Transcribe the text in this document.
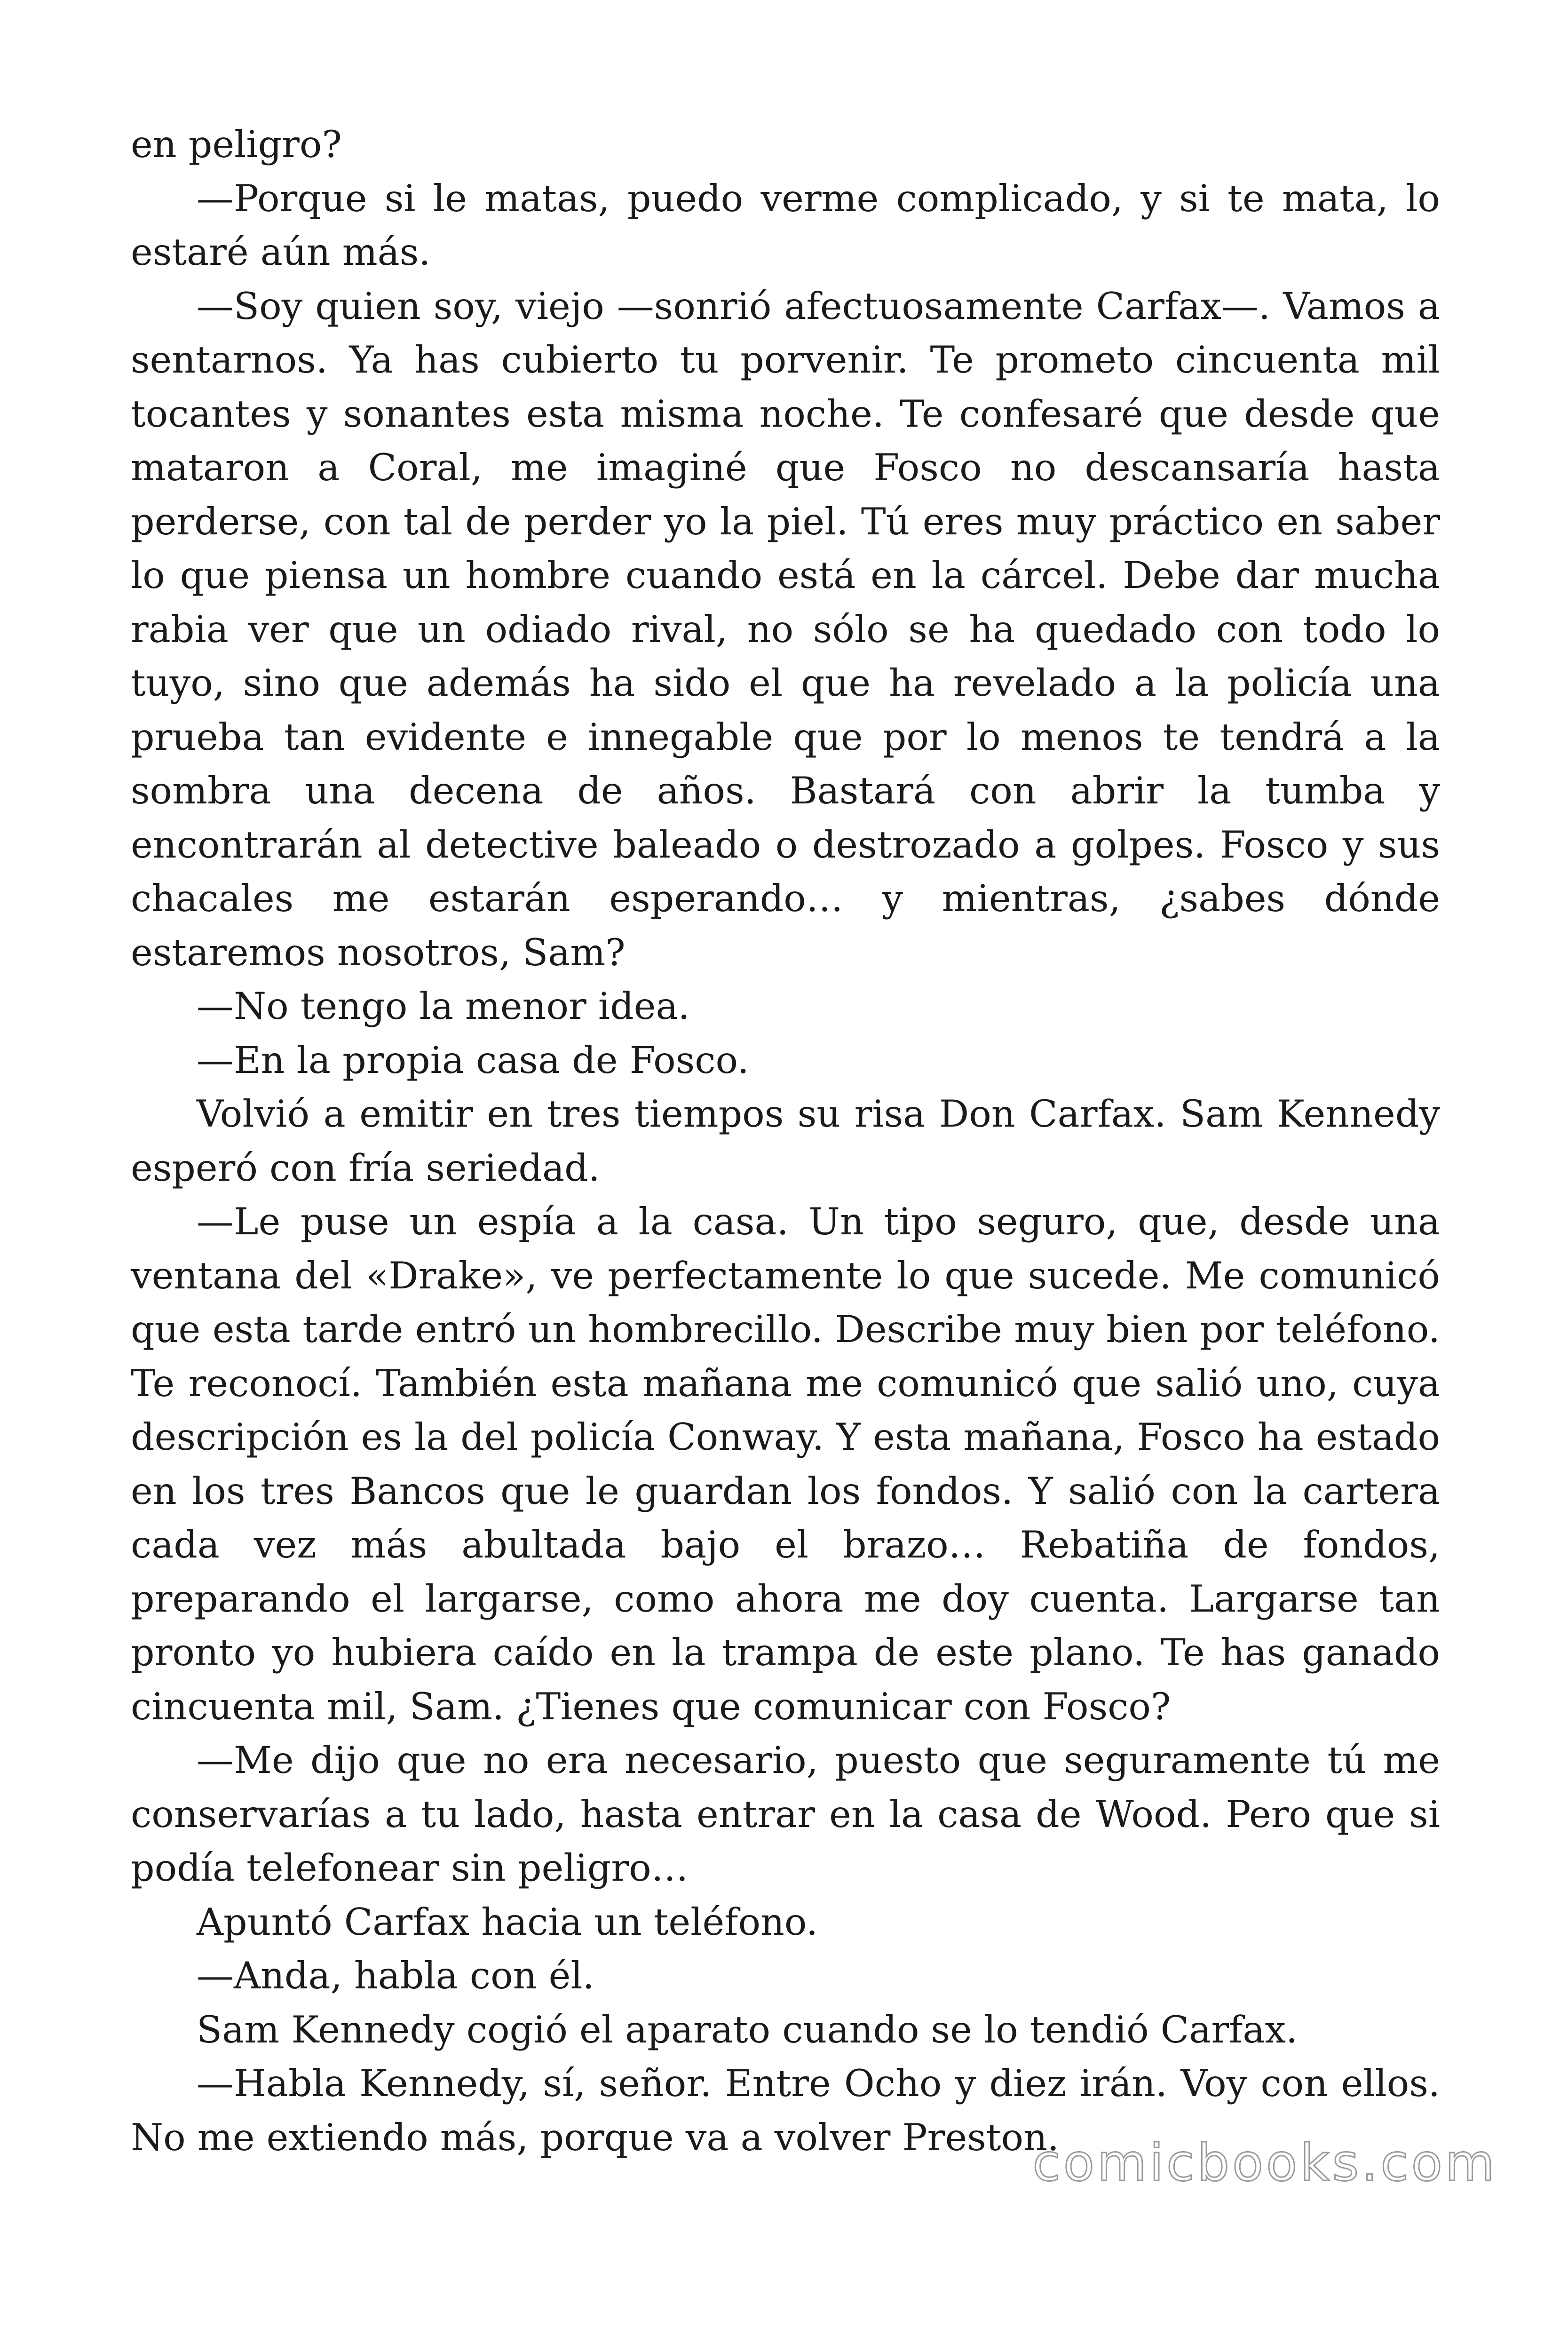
en peligro?

—Porque si le matas, puedo verme complicado, y si te mata, lo estaré aún más.

—Soy quien soy, viejo —sonrió afectuosamente Carfax—. Vamos a sentarnos. Ya has cubierto tu porvenir. Te prometo cincuenta mil tocantes y sonantes esta misma noche. Te confesaré que desde que mataron a Coral, me imaginé que Fosco no descansaría hasta perderse, con tal de perder yo la piel. Tú eres muy práctico en saber lo que piensa un hombre cuando está en la cárcel. Debe dar mucha rabia ver que un odiado rival, no sólo se ha quedado con todo lo tuyo, sino que además ha sido el que ha revelado a la policía una prueba tan evidente e innegable que por lo menos te tendrá a la sombra una decena de años. Bastará con abrir la tumba y encontrarán al detective baleado o destrozado a golpes. Fosco y sus chacales me estarán esperando… y mientras, ¿sabes dónde estaremos nosotros, Sam?

—No tengo la menor idea.

—En la propia casa de Fosco.

Volvió a emitir en tres tiempos su risa Don Carfax. Sam Kennedy esperó con fría seriedad.

—Le puse un espía a la casa. Un tipo seguro, que, desde una ventana del «Drake», ve perfectamente lo que sucede. Me comunicó que esta tarde entró un hombrecillo. Describe muy bien por teléfono. Te reconocí. También esta mañana me comunicó que salió uno, cuya descripción es la del policía Conway. Y esta mañana, Fosco ha estado en los tres Bancos que le guardan los fondos. Y salió con la cartera cada vez más abultada bajo el brazo… Rebatiña de fondos, preparando el largarse, como ahora me doy cuenta. Largarse tan pronto yo hubiera caído en la trampa de este plano. Te has ganado cincuenta mil, Sam. ¿Tienes que comunicar con Fosco?

—Me dijo que no era necesario, puesto que seguramente tú me conservarías a tu lado, hasta entrar en la casa de Wood. Pero que si podía telefonear sin peligro…

Apuntó Carfax hacia un teléfono.

—Anda, habla con él.

Sam Kennedy cogió el aparato cuando se lo tendió Carfax.

—Habla Kennedy, sí, señor. Entre Ocho y diez irán. Voy con ellos. No me extiendo más, porque va a volver Preston.

comicbooks.com
